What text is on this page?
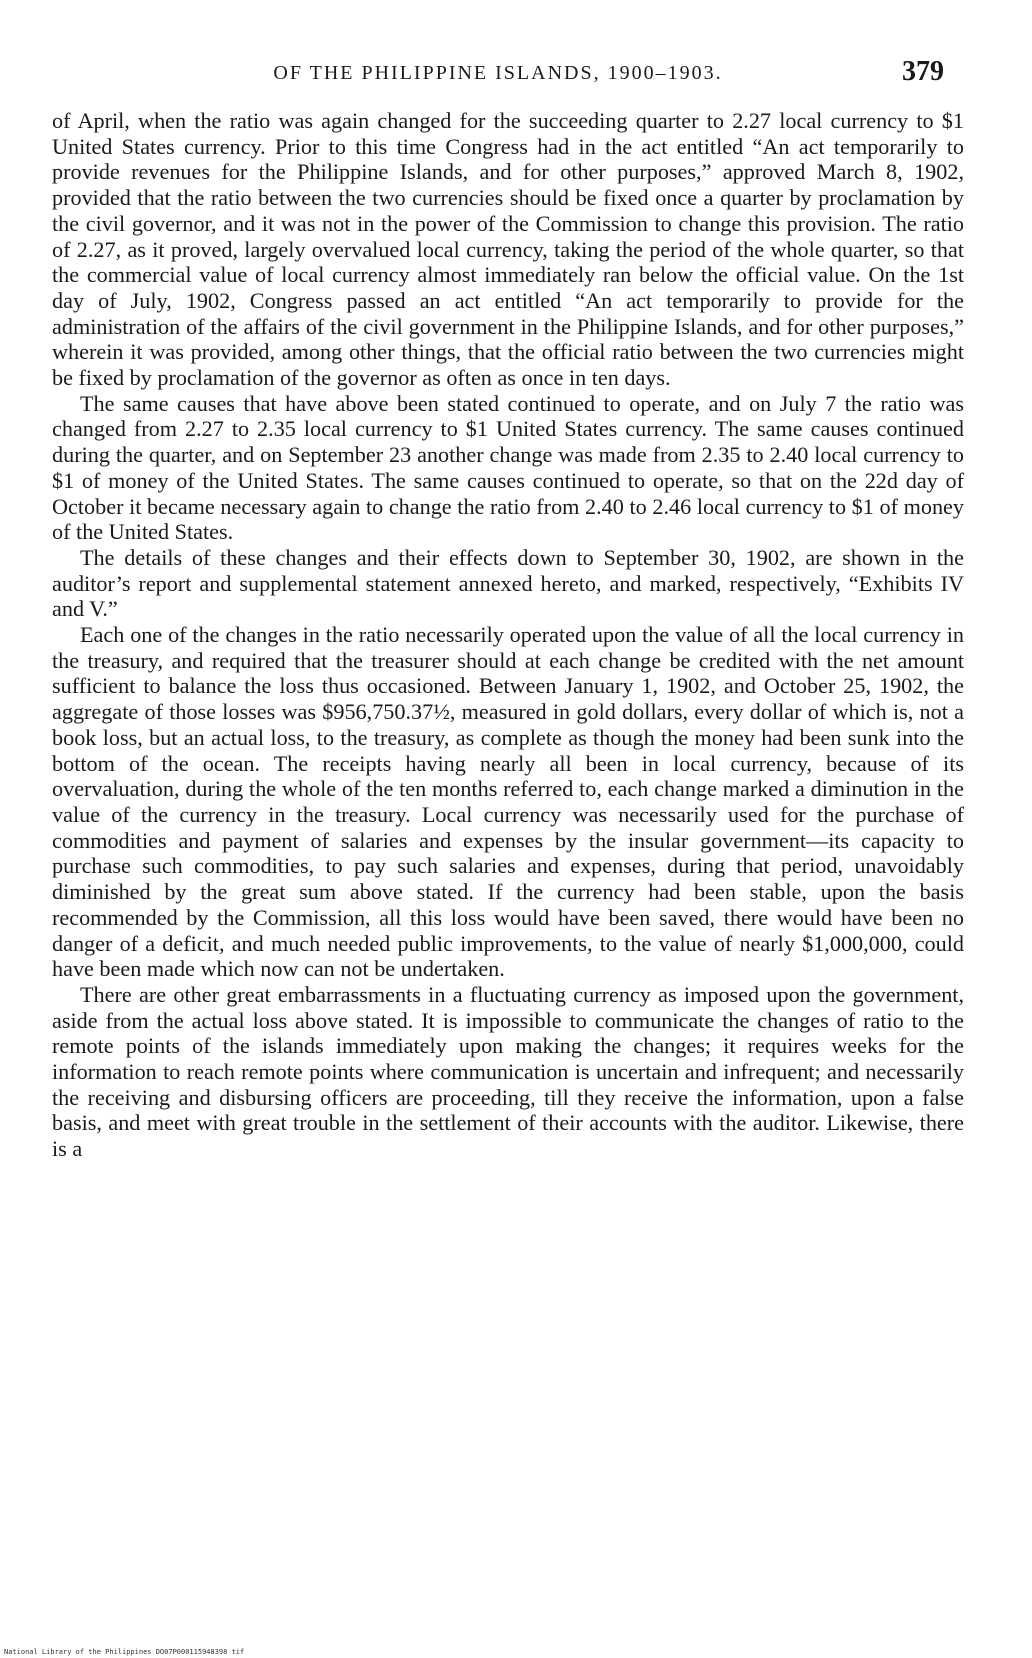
OF THE PHILIPPINE ISLANDS, 1900–1903.	379

of April, when the ratio was again changed for the succeeding quarter to 2.27 local currency to $1 United States currency. Prior to this time Congress had in the act entitled “An act temporarily to provide revenues for the Philippine Islands, and for other purposes,” approved March 8, 1902, provided that the ratio between the two currencies should be fixed once a quarter by proclamation by the civil governor, and it was not in the power of the Commission to change this provision. The ratio of 2.27, as it proved, largely overvalued local currency, taking the period of the whole quarter, so that the commercial value of local currency almost immediately ran below the official value. On the 1st day of July, 1902, Congress passed an act entitled “An act temporarily to provide for the administration of the affairs of the civil government in the Philippine Islands, and for other purposes,” wherein it was provided, among other things, that the official ratio between the two currencies might be fixed by proclamation of the governor as often as once in ten days.

The same causes that have above been stated continued to operate, and on July 7 the ratio was changed from 2.27 to 2.35 local currency to $1 United States currency. The same causes continued during the quarter, and on September 23 another change was made from 2.35 to 2.40 local currency to $1 of money of the United States. The same causes continued to operate, so that on the 22d day of October it became necessary again to change the ratio from 2.40 to 2.46 local currency to $1 of money of the United States.

The details of these changes and their effects down to September 30, 1902, are shown in the auditor’s report and supplemental statement annexed hereto, and marked, respectively, “Exhibits IV and V.”

Each one of the changes in the ratio necessarily operated upon the value of all the local currency in the treasury, and required that the treasurer should at each change be credited with the net amount sufficient to balance the loss thus occasioned. Between January 1, 1902, and October 25, 1902, the aggregate of those losses was $956,750.37½, measured in gold dollars, every dollar of which is, not a book loss, but an actual loss, to the treasury, as complete as though the money had been sunk into the bottom of the ocean. The receipts having nearly all been in local currency, because of its overvaluation, during the whole of the ten months referred to, each change marked a diminution in the value of the currency in the treasury. Local currency was necessarily used for the purchase of commodities and payment of salaries and expenses by the insular government—its capacity to purchase such commodities, to pay such salaries and expenses, during that period, unavoidably diminished by the great sum above stated. If the currency had been stable, upon the basis recommended by the Commission, all this loss would have been saved, there would have been no danger of a deficit, and much needed public improvements, to the value of nearly $1,000,000, could have been made which now can not be undertaken.

There are other great embarrassments in a fluctuating currency as imposed upon the government, aside from the actual loss above stated. It is impossible to communicate the changes of ratio to the remote points of the islands immediately upon making the changes; it requires weeks for the information to reach remote points where communication is uncertain and infrequent; and necessarily the receiving and disbursing officers are proceeding, till they receive the information, upon a false basis, and meet with great trouble in the settlement of their accounts with the auditor. Likewise, there is a

National Library of the Philippines DO07P000115948398 tif
